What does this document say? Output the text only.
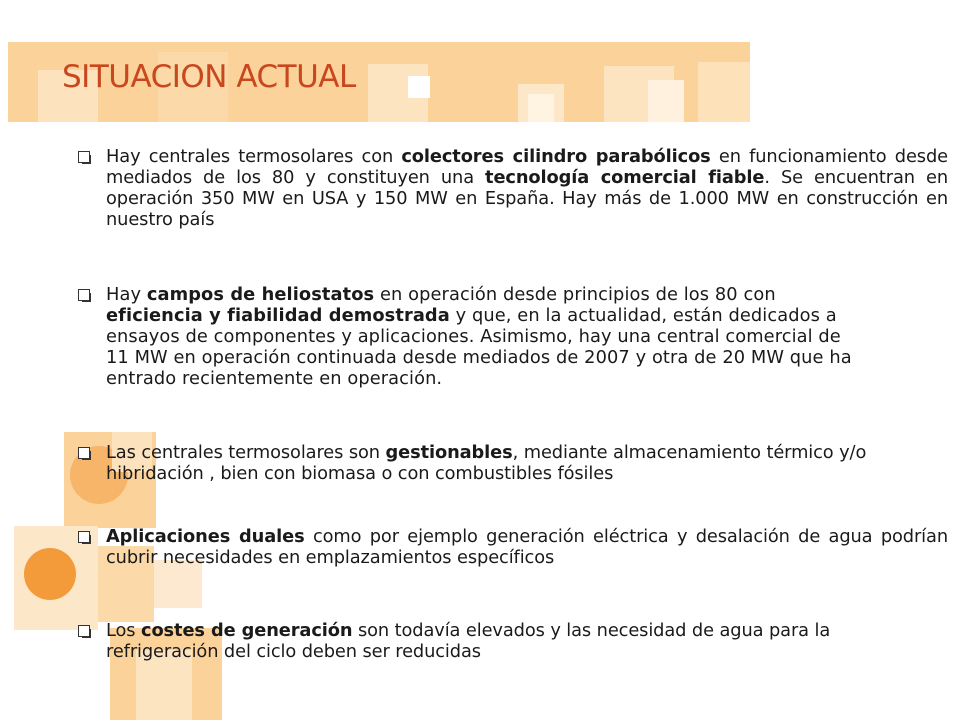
SITUACION ACTUAL
Hay centrales termosolares con colectores cilindro parabólicos en funcionamiento desde mediados de los 80 y constituyen una tecnología comercial fiable. Se encuentran en operación 350 MW en USA y 150 MW en España. Hay más de 1.000 MW en construcción en nuestro país
Hay campos de heliostatos en operación desde principios de los 80 con eficiencia y fiabilidad demostrada y que, en la actualidad, están dedicados a ensayos de componentes y aplicaciones. Asimismo, hay una central comercial de 11 MW en operación continuada desde mediados de 2007 y otra de 20 MW que ha entrado recientemente en operación.
Las centrales termosolares son gestionables, mediante almacenamiento térmico y/o hibridación , bien con biomasa o con combustibles fósiles
Aplicaciones duales como por ejemplo generación eléctrica y desalación de agua podrían cubrir necesidades en emplazamientos específicos
Los costes de generación son todavía elevados y las necesidad de agua para la refrigeración del ciclo deben ser reducidas
